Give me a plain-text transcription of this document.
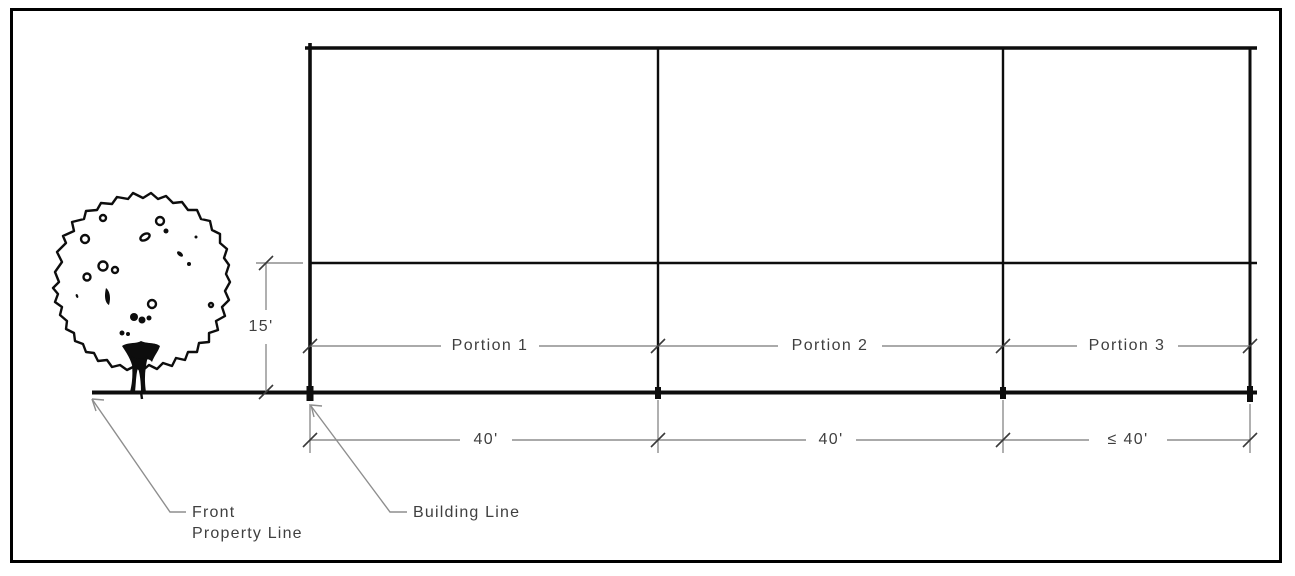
Portion 1	Portion 2	Portion 3
40'	40'	≤ 40'
15'
Front
Property Line
Building Line
